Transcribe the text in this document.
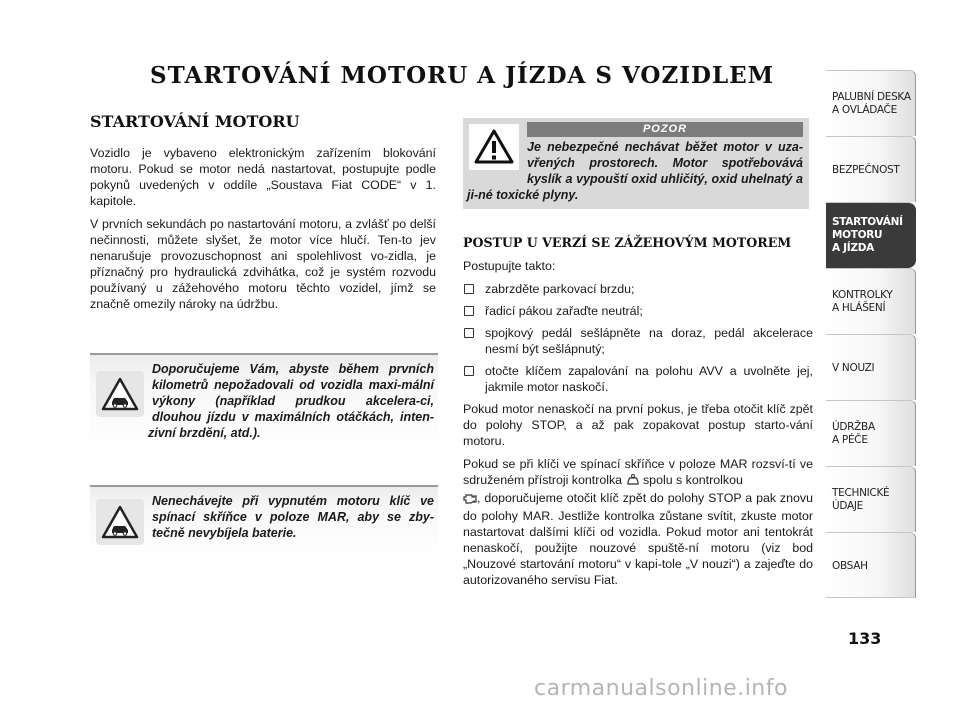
STARTOVÁNÍ MOTORU A JÍZDA S VOZIDLEM
STARTOVÁNÍ MOTORU

Vozidlo je vybaveno elektronickým zařízením blokování motoru. Pokud se motor nedá nastartovat, postupujte podle pokynů uvedených v oddíle „Soustava Fiat CODE“ v 1. kapitole.

V prvních sekundách po nastartování motoru, a zvlášť po delší nečinnosti, můžete slyšet, že motor více hlučí. Ten-to jev nenarušuje provozuschopnost ani spolehlivost vo-zidla, je příznačný pro hydraulická zdvihátka, což je systém rozvodu používaný u zážehového motoru těchto vozidel, jímž se značně omezily nároky na údržbu.

Doporučujeme Vám, abyste během prvních kilometrů nepožadovali od vozidla maxi-mální výkony (například prudkou akcelera-ci, dlouhou jízdu v maximálních otáčkách, inten-zivní brzdění, atd.).

Nenechávejte při vypnutém motoru klíč ve spínací skříňce v poloze MAR, aby se zby-tečně nevybíjela baterie.

POZOR

Je nebezpečné nechávat běžet motor v uza-vřených prostorech. Motor spotřebovává kyslík a vypouští oxid uhličitý, oxid uhelnatý a ji-né toxické plyny.

POSTUP U VERZÍ SE ZÁŽEHOVÝM MOTOREM

Postupujte takto:

zabrzděte parkovací brzdu;
řadicí pákou zařaďte neutrál;
spojkový pedál sešlápněte na doraz, pedál akcelerace nesmí být sešlápnutý;
otočte klíčem zapalování na polohu AVV a uvolněte jej, jakmile motor naskočí.

Pokud motor nenaskočí na první pokus, je třeba otočit klíč zpět do polohy STOP, a až pak zopakovat postup starto-vání motoru.

Pokud se při klíči ve spínací skříňce v poloze MAR rozsví-tí ve sdruženém přístroji kontrolka spolu s kontrolkou
, doporučujeme otočit klíč zpět do polohy STOP a pak znovu do polohy MAR. Jestliže kontrolka zůstane svítit, zkuste motor nastartovat dalšími klíči od vozidla. Pokud motor ani tentokrát nenaskočí, použijte nouzové spuště-ní motoru (viz bod „Nouzové startování motoru“ v kapi-tole „V nouzi“) a zajeďte do autorizovaného servisu Fiat.

PALUBNÍ DESKA
A OVLÁDAČE
BEZPEČNOST
STARTOVÁNÍ
MOTORU
A JÍZDA
KONTROLKY
A HLÁŠENÍ
V NOUZI
ÚDRŽBA
A PÉČE
TECHNICKÉ
ÚDAJE
OBSAH
133
carmanualsonline.info
